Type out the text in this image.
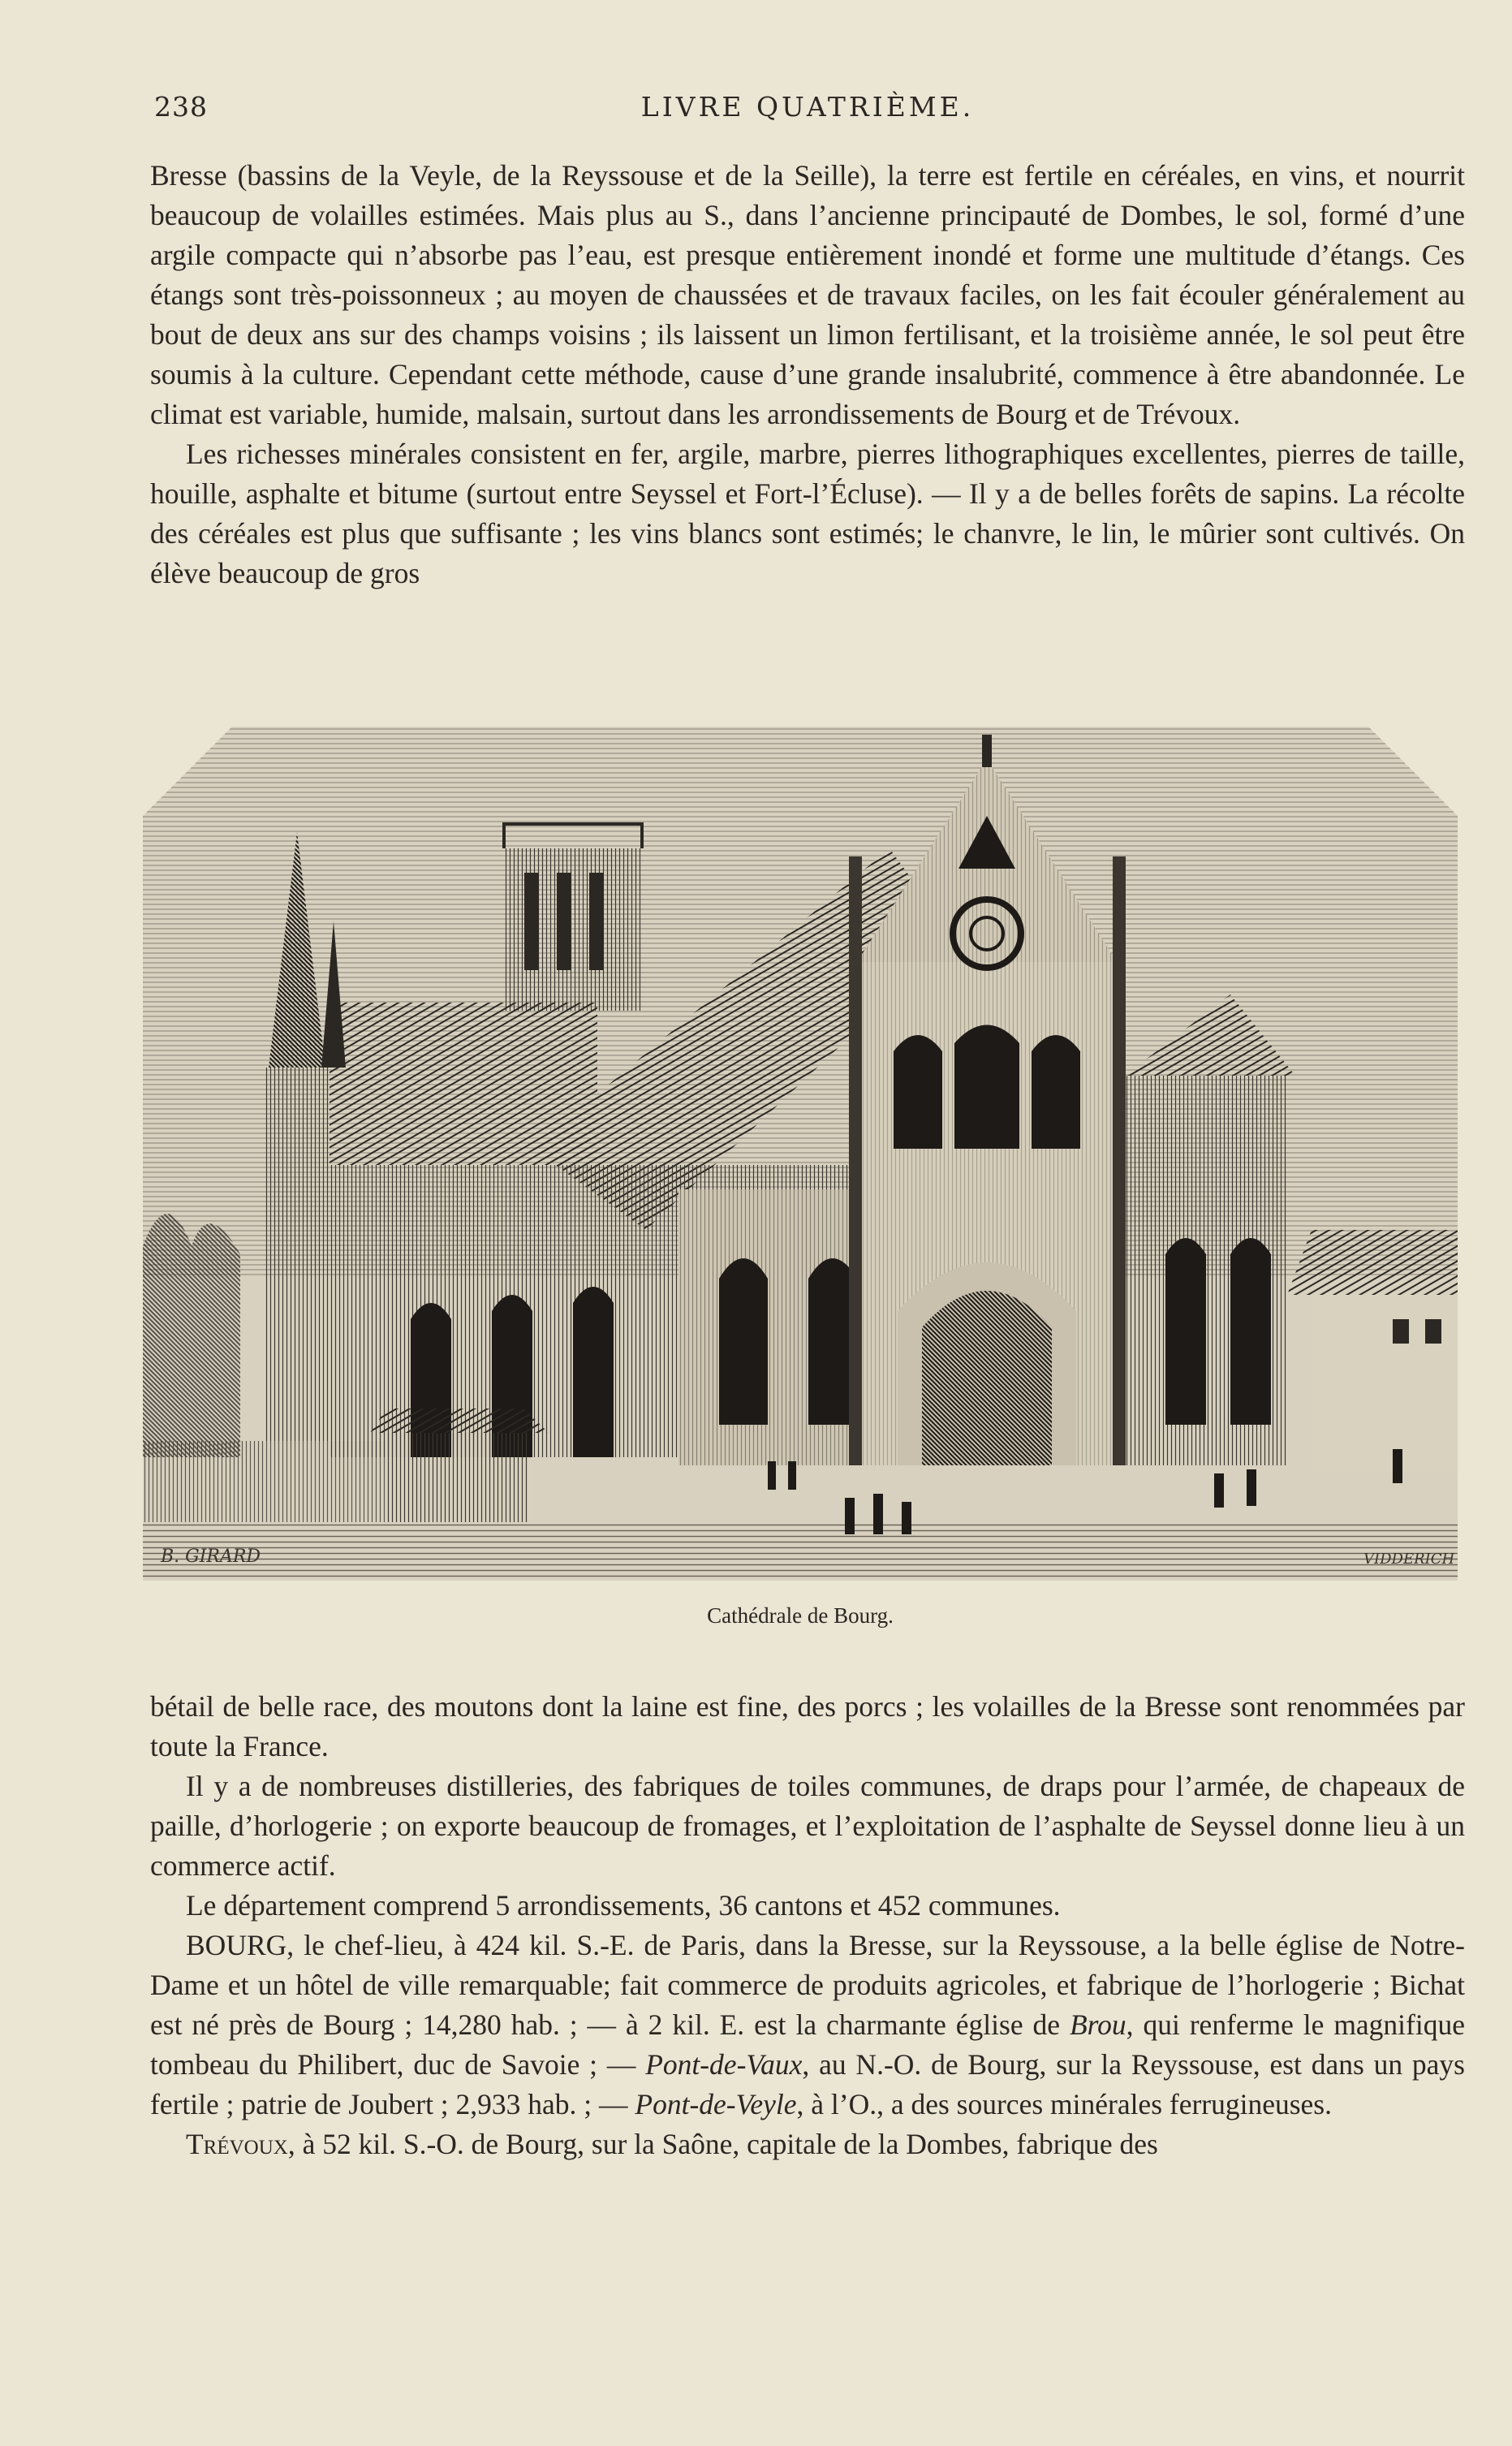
238	LIVRE QUATRIÈME.

Bresse (bassins de la Veyle, de la Reyssouse et de la Seille), la terre est fertile en céréales, en vins, et nourrit beaucoup de volailles estimées. Mais plus au S., dans l’ancienne principauté de Dombes, le sol, formé d’une argile compacte qui n’absorbe pas l’eau, est presque entièrement inondé et forme une multitude d’étangs. Ces étangs sont très-poissonneux ; au moyen de chaussées et de travaux faciles, on les fait écouler généralement au bout de deux ans sur des champs voisins ; ils laissent un limon fertilisant, et la troisième année, le sol peut être soumis à la culture. Cependant cette méthode, cause d’une grande insalubrité, commence à être abandonnée. Le climat est variable, humide, malsain, surtout dans les arrondissements de Bourg et de Trévoux.

Les richesses minérales consistent en fer, argile, marbre, pierres lithographiques excellentes, pierres de taille, houille, asphalte et bitume (surtout entre Seyssel et Fort-l’Écluse). — Il y a de belles forêts de sapins. La récolte des céréales est plus que suffisante ; les vins blancs sont estimés; le chanvre, le lin, le mûrier sont cultivés. On élève beaucoup de gros

B. GIRARD	VIDDERICH
Cathédrale de Bourg.

bétail de belle race, des moutons dont la laine est fine, des porcs ; les volailles de la Bresse sont renommées par toute la France.

Il y a de nombreuses distilleries, des fabriques de toiles communes, de draps pour l’armée, de chapeaux de paille, d’horlogerie ; on exporte beaucoup de fromages, et l’exploitation de l’asphalte de Seyssel donne lieu à un commerce actif.

Le département comprend 5 arrondissements, 36 cantons et 452 communes.

BOURG, le chef-lieu, à 424 kil. S.-E. de Paris, dans la Bresse, sur la Reyssouse, a la belle église de Notre-Dame et un hôtel de ville remarquable; fait commerce de produits agricoles, et fabrique de l’horlogerie ; Bichat est né près de Bourg ; 14,280 hab. ; — à 2 kil. E. est la charmante église de Brou, qui renferme le magnifique tombeau du Philibert, duc de Savoie ; — Pont-de-Vaux, au N.-O. de Bourg, sur la Reyssouse, est dans un pays fertile ; patrie de Joubert ; 2,933 hab. ; — Pont-de-Veyle, à l’O., a des sources minérales ferrugineuses.

Trévoux, à 52 kil. S.-O. de Bourg, sur la Saône, capitale de la Dombes, fabrique des
